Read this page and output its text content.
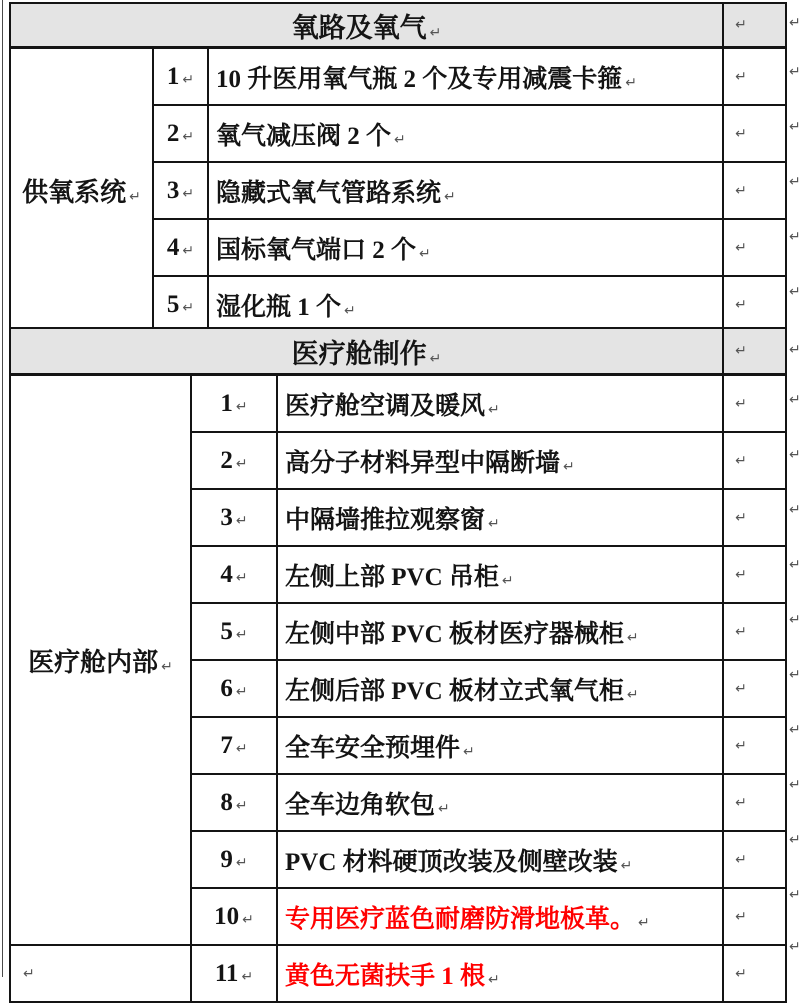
氧路及氧气 ↵			↵
供氧系统 ↵	1 ↵	10 升医用氧气瓶 2 个及专用减震卡箍 ↵	↵
	2 ↵	氧气减压阀 2 个 ↵	↵
	3 ↵	隐藏式氧气管路系统 ↵	↵
	4 ↵	国标氧气端口 2 个 ↵	↵
	5 ↵	湿化瓶 1 个 ↵	↵
医疗舱制作 ↵			↵
医疗舱内部 ↵	1 ↵	医疗舱空调及暖风 ↵	↵
	2 ↵	高分子材料异型中隔断墙 ↵	↵
	3 ↵	中隔墙推拉观察窗 ↵	↵
	4 ↵	左侧上部 PVC 吊柜 ↵	↵
	5 ↵	左侧中部 PVC 板材医疗器械柜 ↵	↵
	6 ↵	左侧后部 PVC 板材立式氧气柜 ↵	↵
	7 ↵	全车安全预埋件 ↵	↵
	8 ↵	全车边角软包 ↵	↵
	9 ↵	PVC 材料硬顶改装及侧壁改装 ↵	↵
	10 ↵	专用医疗蓝色耐磨防滑地板革。 ↵	↵
↵	11 ↵	黄色无菌扶手 1 根 ↵	↵
↵
↵
↵
↵
↵
↵
↵
↵
↵
↵
↵
↵
↵
↵
↵
↵
↵
↵
